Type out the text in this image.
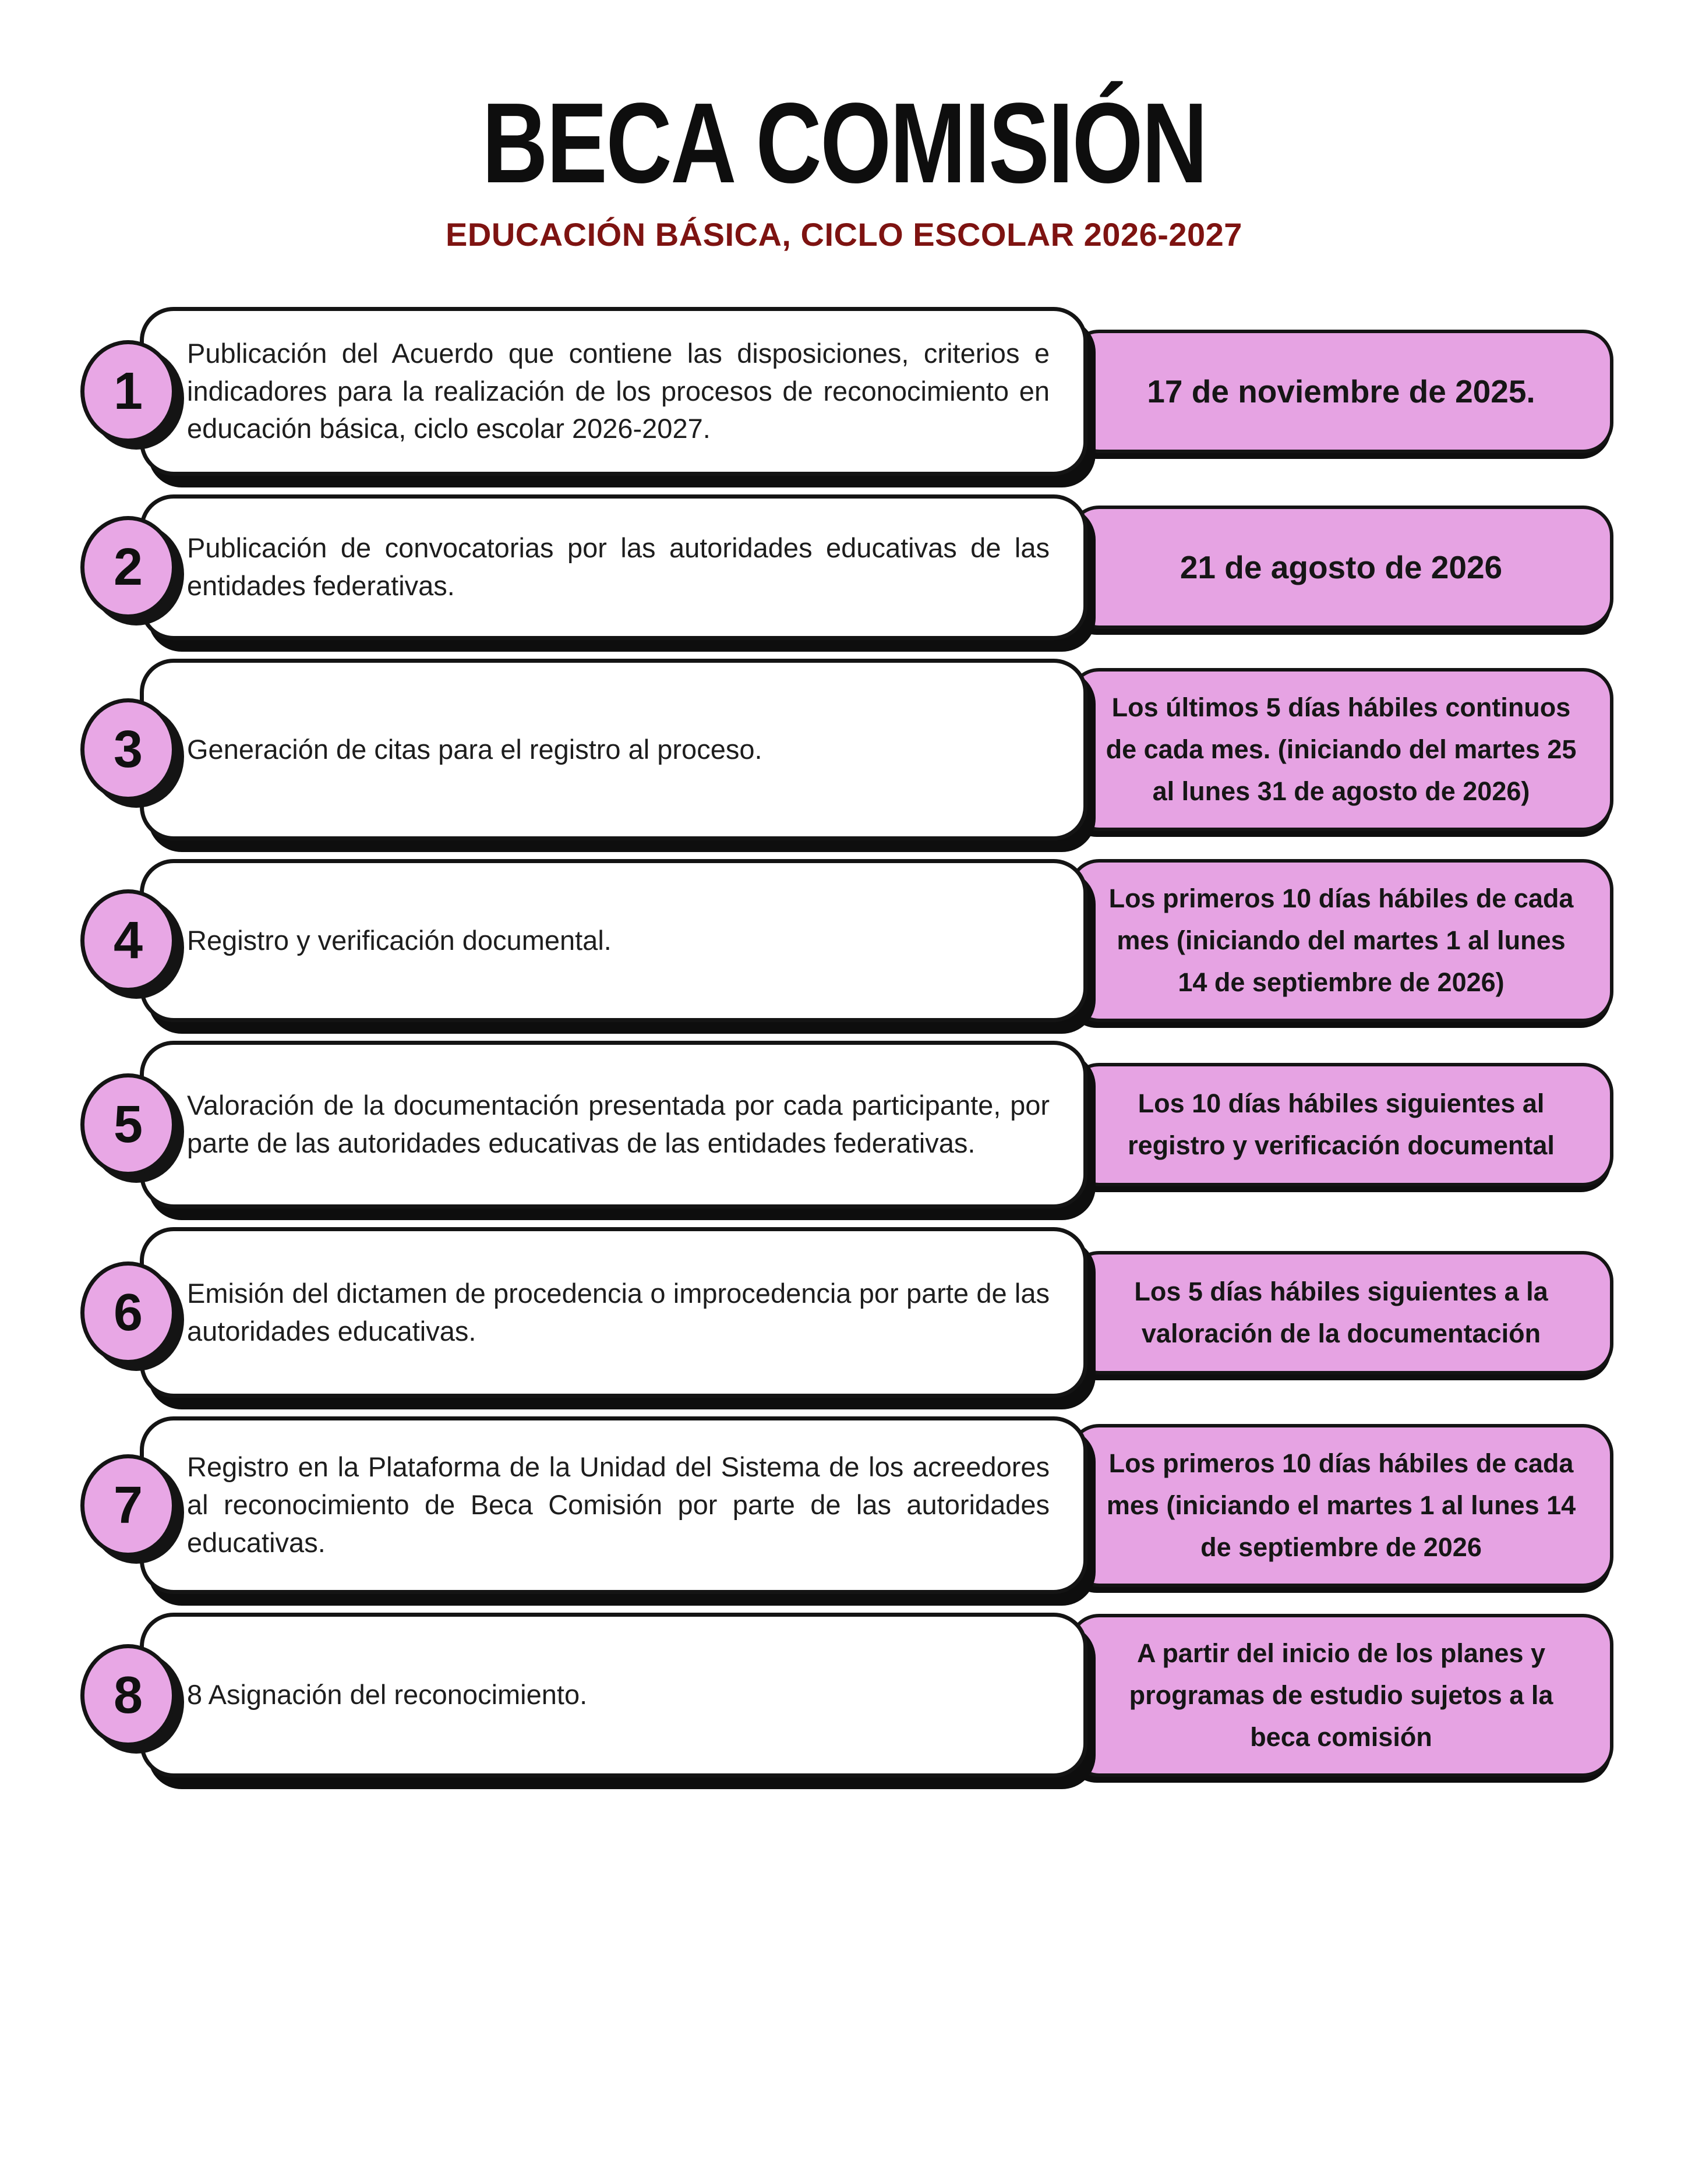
BECA COMISIÓN
EDUCACIÓN BÁSICA, CICLO ESCOLAR 2026-2027
1

Publicación del Acuerdo que contiene las disposiciones, criterios e indicadores para la realización de los procesos de reconocimiento en educación básica, ciclo escolar 2026-2027.

17 de noviembre de 2025.

2 Publicación de convocatorias por las autoridades educativas de las entidades federativas.

21 de agosto de 2026

3 Generación de citas para el registro al proceso.

Los últimos 5 días hábiles continuos de cada mes. (iniciando del martes 25 al lunes 31 de agosto de 2026)

4 Registro y verificación documental.

Los primeros 10 días hábiles de cada mes (iniciando del martes 1 al lunes 14 de septiembre de 2026)

5 Valoración de la documentación presentada por cada participante, por parte de las autoridades educativas de las entidades federativas.

Los 10 días hábiles siguientes al registro y verificación documental

6 Emisión del dictamen de procedencia o improcedencia por parte de las autoridades educativas.

Los 5 días hábiles siguientes a la valoración de la documentación

7

Registro en la Plataforma de la Unidad del Sistema de los acreedores al reconocimiento de Beca Comisión por parte de las autoridades educativas.

Los primeros 10 días hábiles de cada mes (iniciando el martes 1 al lunes 14 de septiembre de 2026

8 8 Asignación del reconocimiento.

A partir del inicio de los planes y programas de estudio sujetos a la beca comisión
